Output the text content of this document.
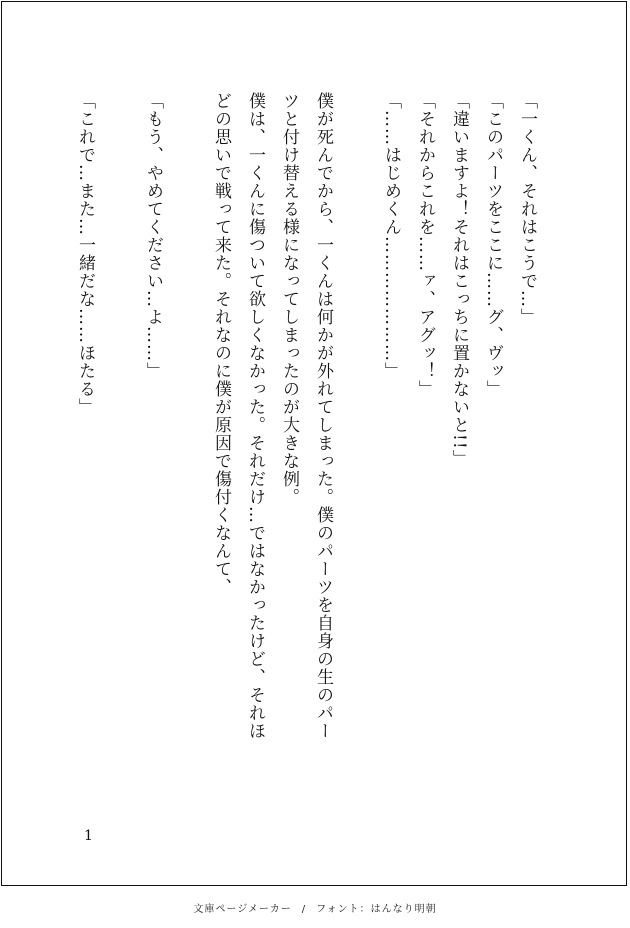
「一くん、それはこうで…」

「このパーツをここに……グ、ヴッ」

「違いますよ！それはこっちに置かないと!!」

「それからこれを……ァ、アグッ！」

「……はじめくん…………………」

僕が死んでから、一くんは何かが外れてしまった。僕のパーツを自身の生のパー

ツと付け替える様になってしまったのが大きな例。

僕は、一くんに傷ついて欲しくなかった。それだけ…ではなかったけど、それほ

どの思いで戦って来た。それなのに僕が原因で傷付くなんて、

「もう、やめてください…よ……」

「これで…また…一緒だな……ほたる」

1
文庫ページメーカー / フォント：はんなり明朝
